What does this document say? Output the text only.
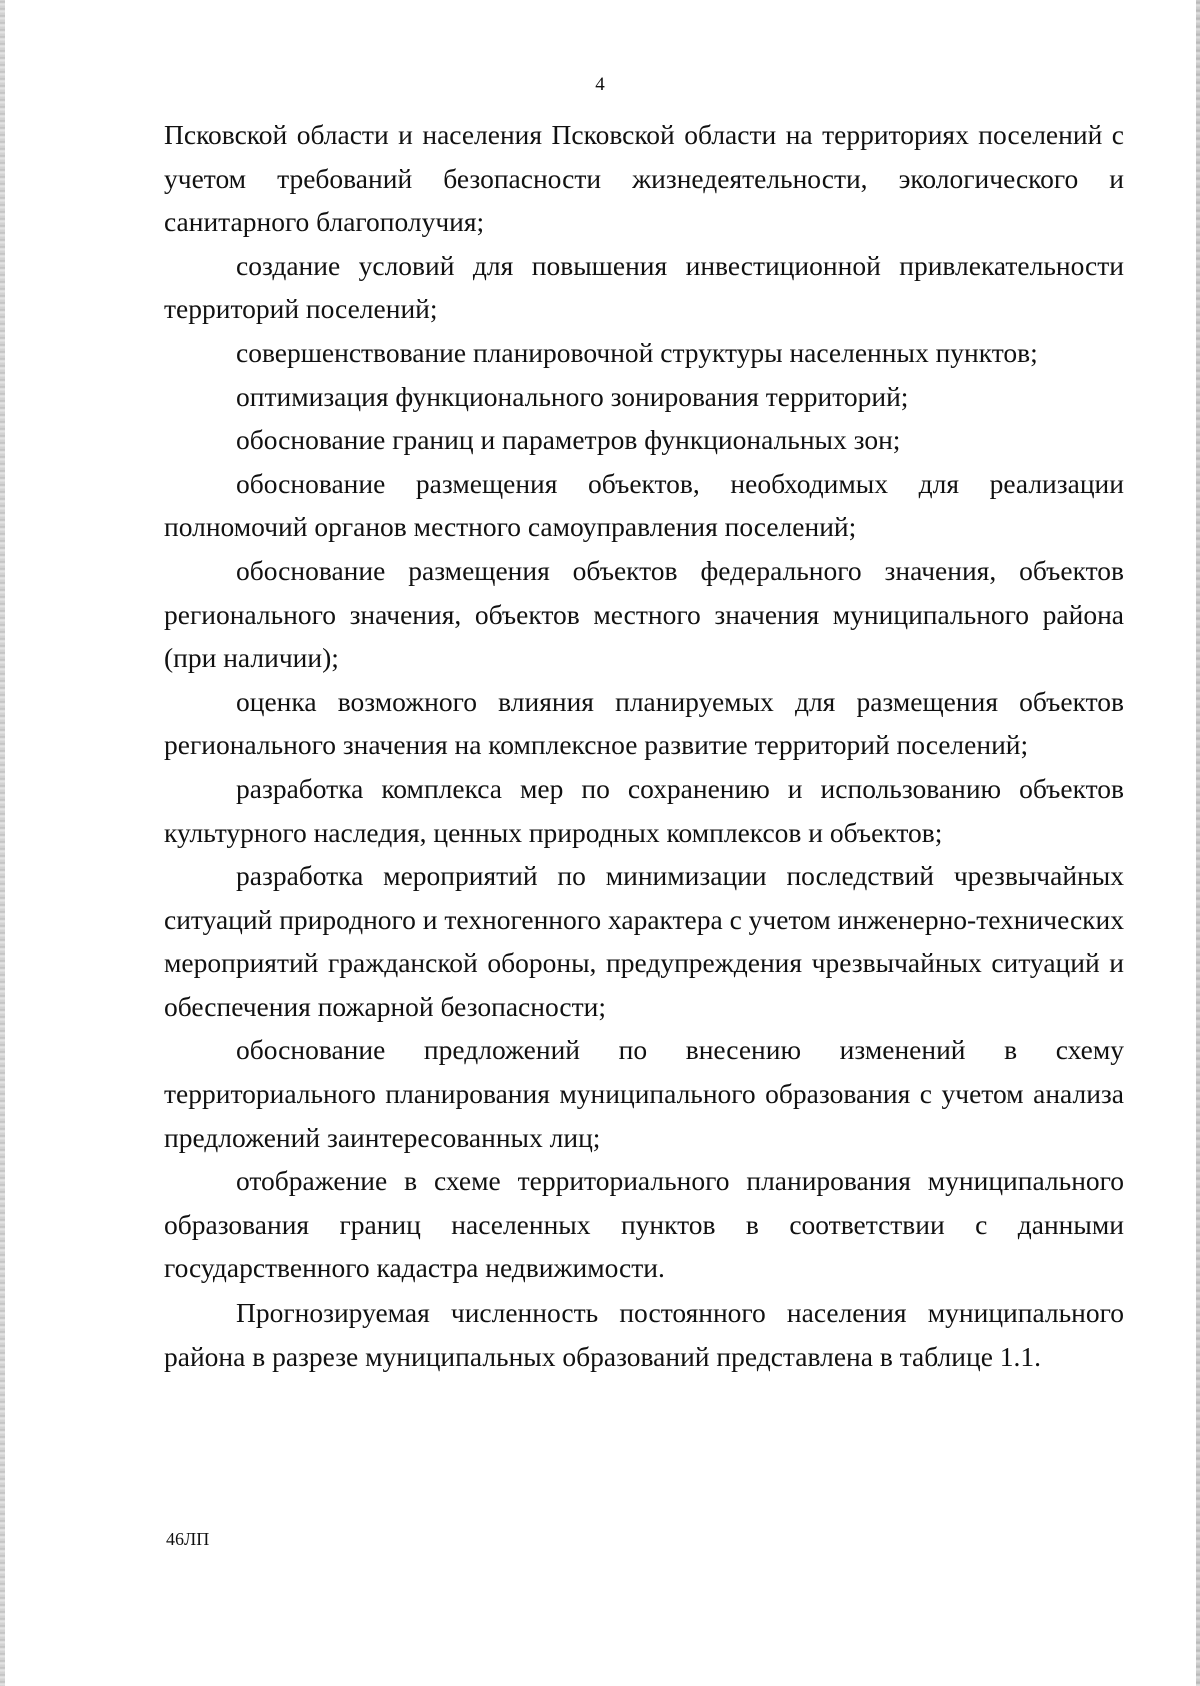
4

Псковской области и населения Псковской области на территориях поселений с учетом требований безопасности жизнедеятельности, экологического и санитарного благополучия;

создание условий для повышения инвестиционной привлекательности территорий поселений;

совершенствование планировочной структуры населенных пунктов;

оптимизация функционального зонирования территорий;

обоснование границ и параметров функциональных зон;

обоснование размещения объектов, необходимых для реализации полномочий органов местного самоуправления поселений;

обоснование размещения объектов федерального значения, объектов регионального значения, объектов местного значения муниципального района (при наличии);

оценка возможного влияния планируемых для размещения объектов регионального значения на комплексное развитие территорий поселений;

разработка комплекса мер по сохранению и использованию объектов культурного наследия, ценных природных комплексов и объектов;

разработка мероприятий по минимизации последствий чрезвычайных ситуаций природного и техногенного характера с учетом инженерно-технических мероприятий гражданской обороны, предупреждения чрезвычайных ситуаций и обеспечения пожарной безопасности;

обоснование предложений по внесению изменений в схему территориального планирования муниципального образования с учетом анализа предложений заинтересованных лиц;

отображение в схеме территориального планирования муниципального образования границ населенных пунктов в соответствии с данными государственного кадастра недвижимости.

Прогнозируемая численность постоянного населения муниципального района в разрезе муниципальных образований представлена в таблице 1.1.

46ЛП
